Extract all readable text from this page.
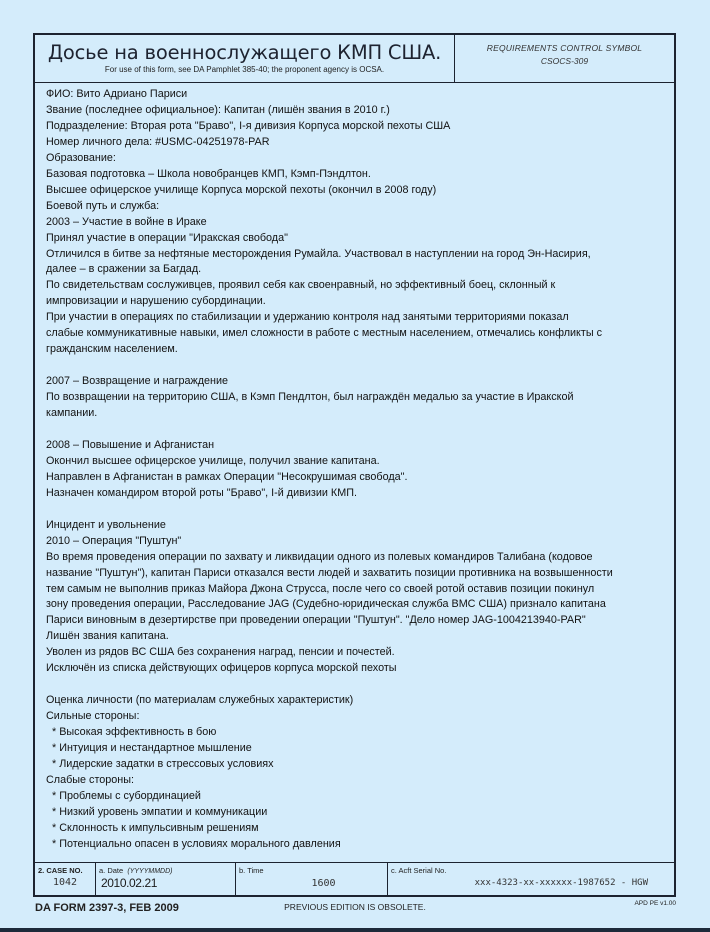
Досье на военнослужащего КМП США.
For use of this form, see DA Pamphlet 385-40; the proponent agency is OCSA.
REQUIREMENTS CONTROL SYMBOL
CSOCS-309
ФИО: Вито Адриано Париси
Звание (последнее официальное): Капитан (лишён звания в 2010 г.)
Подразделение: Вторая рота "Браво", I-я дивизия Корпуса морской пехоты США
Номер личного дела: #USMC-04251978-PAR
Образование:
Базовая подготовка – Школа новобранцев КМП, Кэмп-Пэндлтон.
Высшее офицерское училище Корпуса морской пехоты (окончил в 2008 году)
Боевой путь и служба:
2003 – Участие в войне в Ираке
Принял участие в операции "Иракская свобода"
Отличился в битве за нефтяные месторождения Румайла. Участвовал в наступлении на город Эн-Насирия,
далее – в сражении за Багдад.
По свидетельствам сослуживцев, проявил себя как своенравный, но эффективный боец, склонный к
импровизации и нарушению субординации.
При участии в операциях по стабилизации и удержанию контроля над занятыми территориями показал
слабые коммуникативные навыки, имел сложности в работе с местным населением, отмечались конфликты с
гражданским населением.
2007 – Возвращение и награждение
По возвращении на территорию США, в Кэмп Пендлтон, был награждён медалью за участие в Иракской
кампании.
2008 – Повышение и Афганистан
Окончил высшее офицерское училище, получил звание капитана.
Направлен в Афганистан в рамках Операции "Несокрушимая свобода".
Назначен командиром второй роты "Браво", I-й дивизии КМП.
Инцидент и увольнение
2010 – Операция "Пуштун"
Во время проведения операции по захвату и ликвидации одного из полевых командиров Талибана (кодовое
название "Пуштун"), капитан Париси отказался вести людей и захватить позиции противника на возвышенности
тем самым не выполнив приказ Майора Джона Струсса, после чего со своей ротой оставив позиции покинул
зону проведения операции, Расследование JAG (Судебно-юридическая служба ВМС США) признало капитана
Париси виновным в дезертирстве при проведении операции "Пуштун". "Дело номер JAG-1004213940-PAR"
Лишён звания капитана.
Уволен из рядов ВС США без сохранения наград, пенсии и почестей.
Исключён из списка действующих офицеров корпуса морской пехоты
Оценка личности (по материалам служебных характеристик)
Сильные стороны:
* Высокая эффективность в бою
* Интуиция и нестандартное мышление
* Лидерские задатки в стрессовых условиях
Слабые стороны:
* Проблемы с субординацией
* Низкий уровень эмпатии и коммуникации
* Склонность к импульсивным решениям
* Потенциально опасен в условиях морального давления
2. CASE NO.
1042
a. Date (YYYYMMDD)
2010.02.21
b. Time
1600
c. Acft Serial No.
xxx-4323-xx-xxxxxx-1987652 - HGW
DA FORM 2397-3, FEB 2009	PREVIOUS EDITION IS OBSOLETE.	APD PE v1.00
